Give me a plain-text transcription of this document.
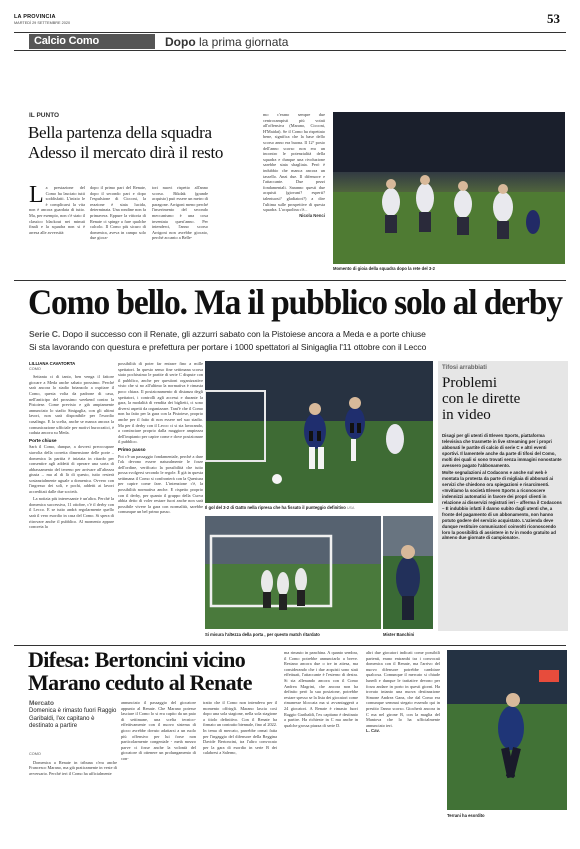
LA PROVINCIA
MARTEDÌ 29 SETTEMBRE 2020	53
Calcio Como	Dopo la prima giornata
IL PUNTO
Bella partenza della squadra
Adesso il mercato dirà il resto
L a prestazione del Como ha lasciato tutti soddisfatti. L'inizio le è complicarsi la vita non è ancora guardata di tutto. Ma, per esempio, non c'è stato il classico blackout nei minuti finali e la squadra non si è arresa alle avversità:
dopo il primo pari del Renate, dopo il secondo pari e dopo l'espulsione di Cicconi, la reazione è stata lucida, determinata. Una rondine non fa primavera. Eppure la vittoria di Renate ci spinge a fare qualche calcolo. Il Como più sicuro di domenica, aveva in campo solo due gioca-
tori nuovi rispetto all'anno scorso. Bikdak (grande acquisto) può essere un metro di paragone. Arrigoni meno perché l'inserimento del secondo meccanismo è una cosa inventata quest'anno. Per intenderci, l'anno scorso Arrigoni non avrebbe giocato, perché accanto a Belle-
mo c'erano sempre due centrocampisti più votati all'offensiva (Marano, Cicconi, H'Maidat). Se il Como ha rispettato bene, significa che la base dello scorso anno era buona. Il 12° posto dell'anno scorso non era un incontro le potenzialità della squadra e dunque una rivoluzione sarebbe stata sbagliata. Però è indubbio che manca ancora un tassello. Anzi due. Il difensore e l'attaccante. Due pezzi fondamentali. Saranno questi due acquisti (giovani? esperti? talentuosi? gladiatori?) a dire l'ultima sulle prospettive di questa squadra. L'acquolina c'è...
Nicola Nenci
Momento di gioia della squadra dopo la rete del 3-2
Como bello. Ma il pubblico solo al derby
Serie C. Dopo il successo con il Renate, gli azzurri sabato con la Pistoiese ancora a Meda e a porte chiuse
Si sta lavorando con questura e prefettura per portare i 1000 spettatori al Sinigaglia l'11 ottobre con il Lecco
LILLIANA CAVATORTA
COMO

Settanta ci di tanto, ben venga il fattore giocare a Meda anche sabato prossimo. Perché sarà ancora lo stadio brianzolo a ospitare il Como, questa volta da padrone di casa, nell'anticipo del prossimo weekend contro la Pistoiese. Come previsto e già ampiamente annunciato lo stadio Sinigaglia, con gli ultimi lavori, non sarà disponibile per l'esordio casalingo. E la scelta, anche se manca ancora la comunicazione ufficiale per motivi burocratici, è caduta ancora su Meda.

Porte chiuse

Sarà il Como, dunque, a dovresi preoccupare stavolta della corretta dimensione delle porte – domenica la partita è iniziata in ritardo per consentire agli addetti di operare una sorta di abbassamento del terreno per arrivare all'altezza giusta – ma al di là di questo, tutto resterà sostanzialmente uguale a domenica. Ovvero con l'ingresso dei soli, e pochi, addetti ai lavori accreditati dalle due società.

La notizia più interessante è un'altra. Perché la domenica successiva, 11 ottobre, c'è il derby con il Lecco. E se tutto andrà regolarmente quello sarà il vero esordio in casa del Como. Si spera di ritrovare anche il pubblico. Al momento appare concreta la

possibilità di poter far entrare fino a mille spettatori. In questo senso fine settimana scorsa stato pochissimo le partite di serie C dispute con il pubblico, anche per questioni organizzative visto che si no all'ultimo la normativa è rimasta poco chiara. Il posizionamento di distanza degli spettatori, i controlli agli accessi e durante la gara, la modalità di vendita dei biglietti, ci sono diversi aspetti da organizzare. Tant'è che il Como non ha fatto per la gara con la Pistoiese, proprio anche per il fatto di non essere nel suo stadio. Ma per il derby con il Lecco ci si sta lavorando, a cominciare proprio dalla maggiore ampiezza dell'impianto per capire come e dove posizionare il pubblico.

Primo passo

Poi c'è un passaggio fondamentale, perché a dare l'ok devono essere naturalmente le forze dell'ordine, verificato la possibilità che tutto possa svolgersi secondo le regole. È già in questa settimana il Como si confronterà con la Questura per capire come fare. L'intenzione c'è, la possibilità normativa anche. E rispetto proprio con il derby, per quanto il gruppo della Curva abbia detto di voler restare fuori anche non sarà possibile vivere la gara con normalità, sarebbe comunque un bel primo passo.

Il gol del 3-2 di Gatto nella ripresa che ha fissato il punteggio definitivo USA
Si misura l'altezza della porta , per questo match ritardato	Mister Banchini
Tifosi arrabbiati
Problemi
con le dirette
in video

Disagi per gli utenti di Eleven Sports, piattaforma televisiva che trasmette in live streaming per i propri abbonati le partite di calcio di serie C e altri eventi sportivi. Il lamentele anche da parte di tifosi del Como, molti dei quali si sono trovati senza immagini nonostante avessero pagato l'abbonamento.

Molte segnalazioni al Codacons e anche sul web è montata la protesta da parte di migliaia di abbonati ai servizi che chiedono ora spiegazioni e risarcimenti. «Invitiamo la società Eleven Sports a riconoscere indennizzi automatici in favore dei propri clienti in relazione ai disservizi registrati ieri – afferma il Codacons – È indubbio infatti il danno subito dagli utenti che, a fronte del pagamento di un abbonamento, non hanno potuto godere del servizio acquistato. L'azienda deve dunque restituire comunicatori coinvolti riconoscendo loro la possibilità di assistere in tv in modo gratuito ad almeno due giornate di campionato».

Difesa: Bertoncini vicino
Marano ceduto al Renate
Mercato
Domenica è rimasto fuori Raggio Garibaldi, l'ex capitano è destinato a partire
COMO

Domenica a Renate in tribuna c'era anche Francesco Marano, ma già praticamente in veste di avversario. Perché ieri il Como ha ufficialmente

annunciato il passaggio del giocatore appunto al Renate. Che Marano potesse lasciare il Como lo si era capito da un paio di settimane, una scelta tecnico-effettivamente con il nuovo sistema di gioco avrebbe dovuto adattarsi a un ruolo più offensivo per lui forse non particolarmente congeniale - metà mezzo parve ci fosse anche la volontà del giocatore di ottenere un prolungamento di con-
tratto che il Como non intendeva per il momento offrirgli. Marano lascia così dopo una sola stagione, nella sola stagione a titolo definitivo. Con il Renate ha firmato un contratto biennale, fino al 2022. In tema di mercato, parrebbe ormai fatta per l'ingaggio del difensore della Reggina Davide Bertoncini, tra l'altro convocato per la gara di esordio in serie B dei calabresi a Salerno,
ma rimasto in panchina. A quanto sembra, il Como potrebbe annunciarlo a breve. Restano ancora due o tre in attesa, ma considerando che i due acquisti sono stati effettuati, l'attaccante è l'esterno di destra. Si sta allenando ancora con il Como Andrea Magrini, che ancora non ha definito però la sua posizione, potrebbe restare spesso se la lista dei giocatori come rimanesse bloccata ma si avvantaggerà a 24 giocatori. A Renate è rimasto fuori Raggio Garibaldi, l'ex capitano è destinato a partire. Ha richieste in C ma anche in qualche grossa piazza di serie D.
altri due giocatori indicati come possibili partenti, erano entrambi tra i convocati domenica con il Renate, ma l'arrivo del nuovo difensore potrebbe cambiare qualcosa. Comunque il mercato si chiude lunedì e dunque le trattative devono per forza andare in porto in questi giorni. Ha trovato intanto una nuova destinazione Simone Andrea Ganz, che dal Como era comunque semmai stegato essendo qui in prestito l'anno scorso. Giocherà ancora in C ma nel girone B, con la maglia del Mantova che lo ha ufficialmente annunciato ieri.
L. Cav.
Terrani ha esordito
